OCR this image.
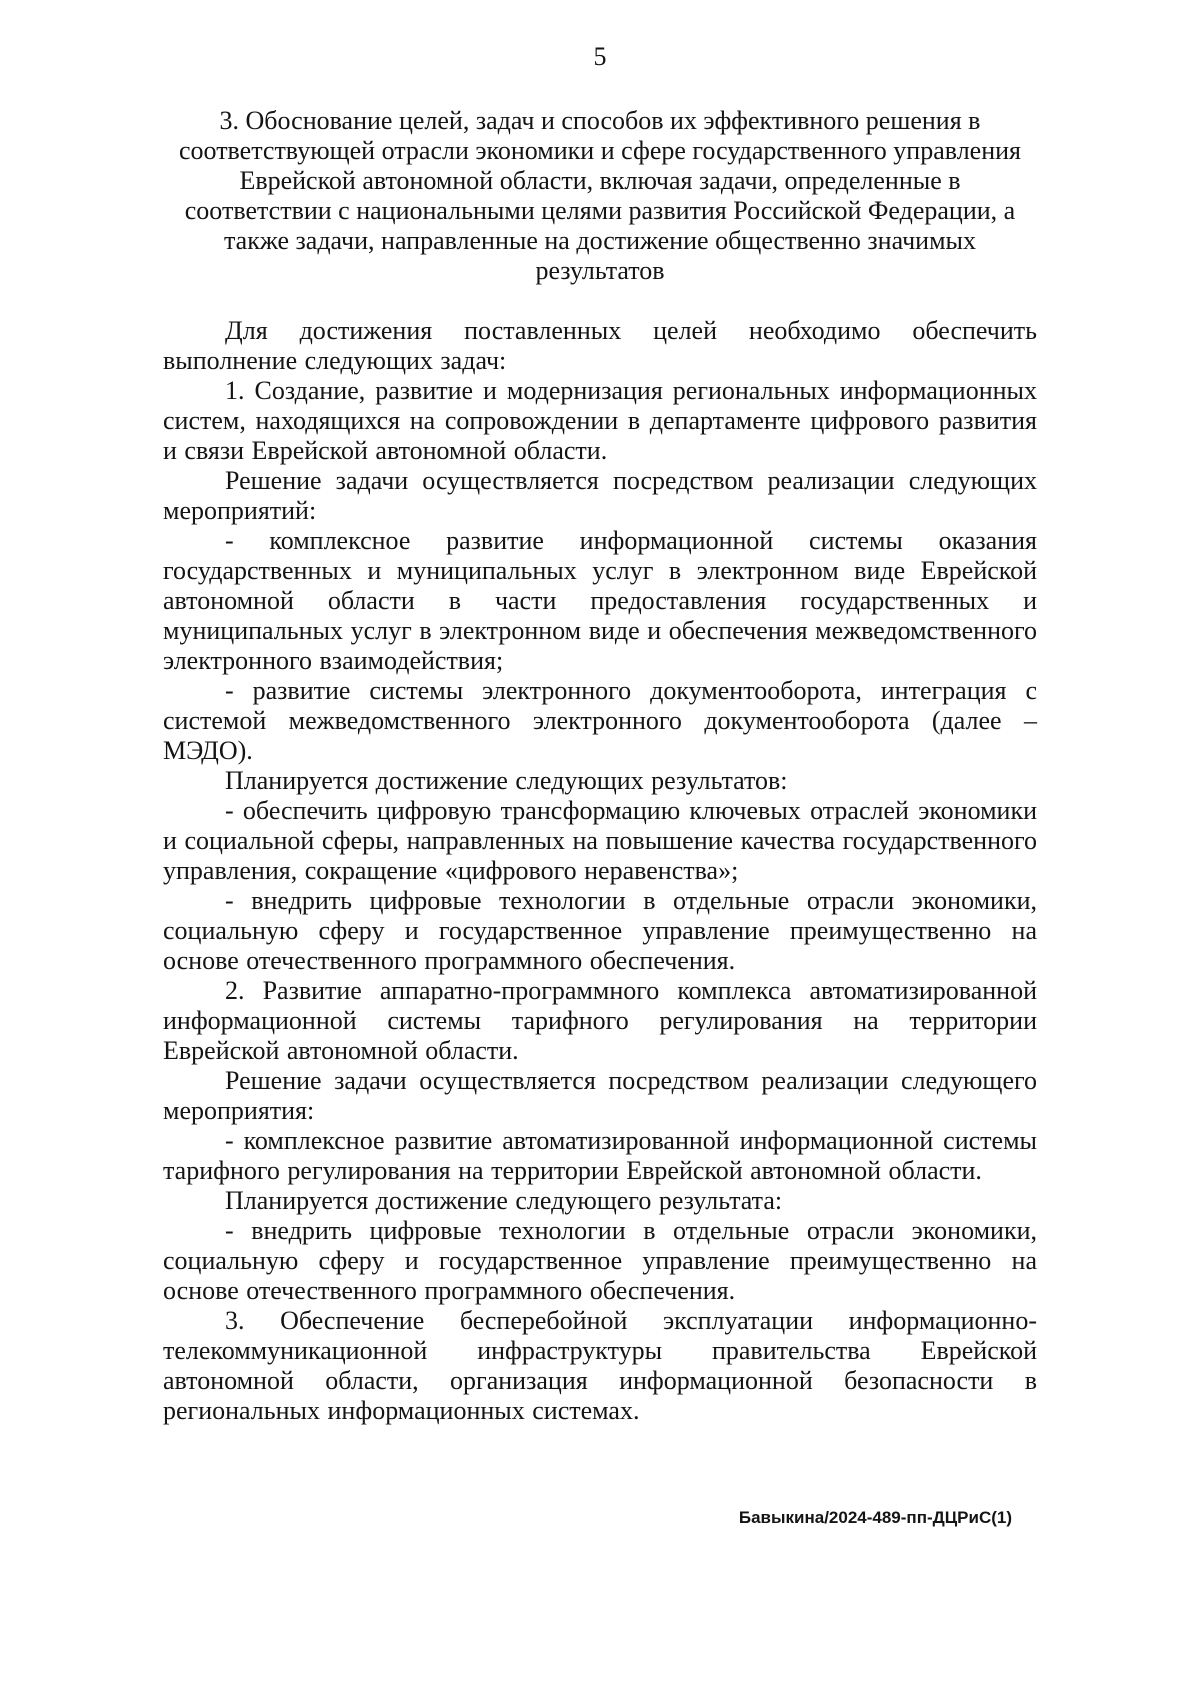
5
3. Обоснование целей, задач и способов их эффективного решения в соответствующей отрасли экономики и сфере государственного управления Еврейской автономной области, включая задачи, определенные в соответствии с национальными целями развития Российской Федерации, а также задачи, направленные на достижение общественно значимых результатов

Для достижения поставленных целей необходимо обеспечить выполнение следующих задач:

1. Создание, развитие и модернизация региональных информационных систем, находящихся на сопровождении в департаменте цифрового развития и связи Еврейской автономной области.

Решение задачи осуществляется посредством реализации следующих мероприятий:

- комплексное развитие информационной системы оказания государственных и муниципальных услуг в электронном виде Еврейской автономной области в части предоставления государственных и муниципальных услуг в электронном виде и обеспечения межведомственного электронного взаимодействия;

- развитие системы электронного документооборота, интеграция с системой межведомственного электронного документооборота (далее – МЭДО).

Планируется достижение следующих результатов:

- обеспечить цифровую трансформацию ключевых отраслей экономики и социальной сферы, направленных на повышение качества государственного управления, сокращение «цифрового неравенства»;

- внедрить цифровые технологии в отдельные отрасли экономики, социальную сферу и государственное управление преимущественно на основе отечественного программного обеспечения.

2. Развитие аппаратно-программного комплекса автоматизированной информационной системы тарифного регулирования на территории Еврейской автономной области.

Решение задачи осуществляется посредством реализации следующего мероприятия:

- комплексное развитие автоматизированной информационной системы тарифного регулирования на территории Еврейской автономной области.

Планируется достижение следующего результата:

- внедрить цифровые технологии в отдельные отрасли экономики, социальную сферу и государственное управление преимущественно на основе отечественного программного обеспечения.

3. Обеспечение бесперебойной эксплуатации информационно-телекоммуникационной инфраструктуры правительства Еврейской автономной области, организация информационной безопасности в региональных информационных системах.

Бавыкина/2024-489-пп-ДЦРиС(1)
